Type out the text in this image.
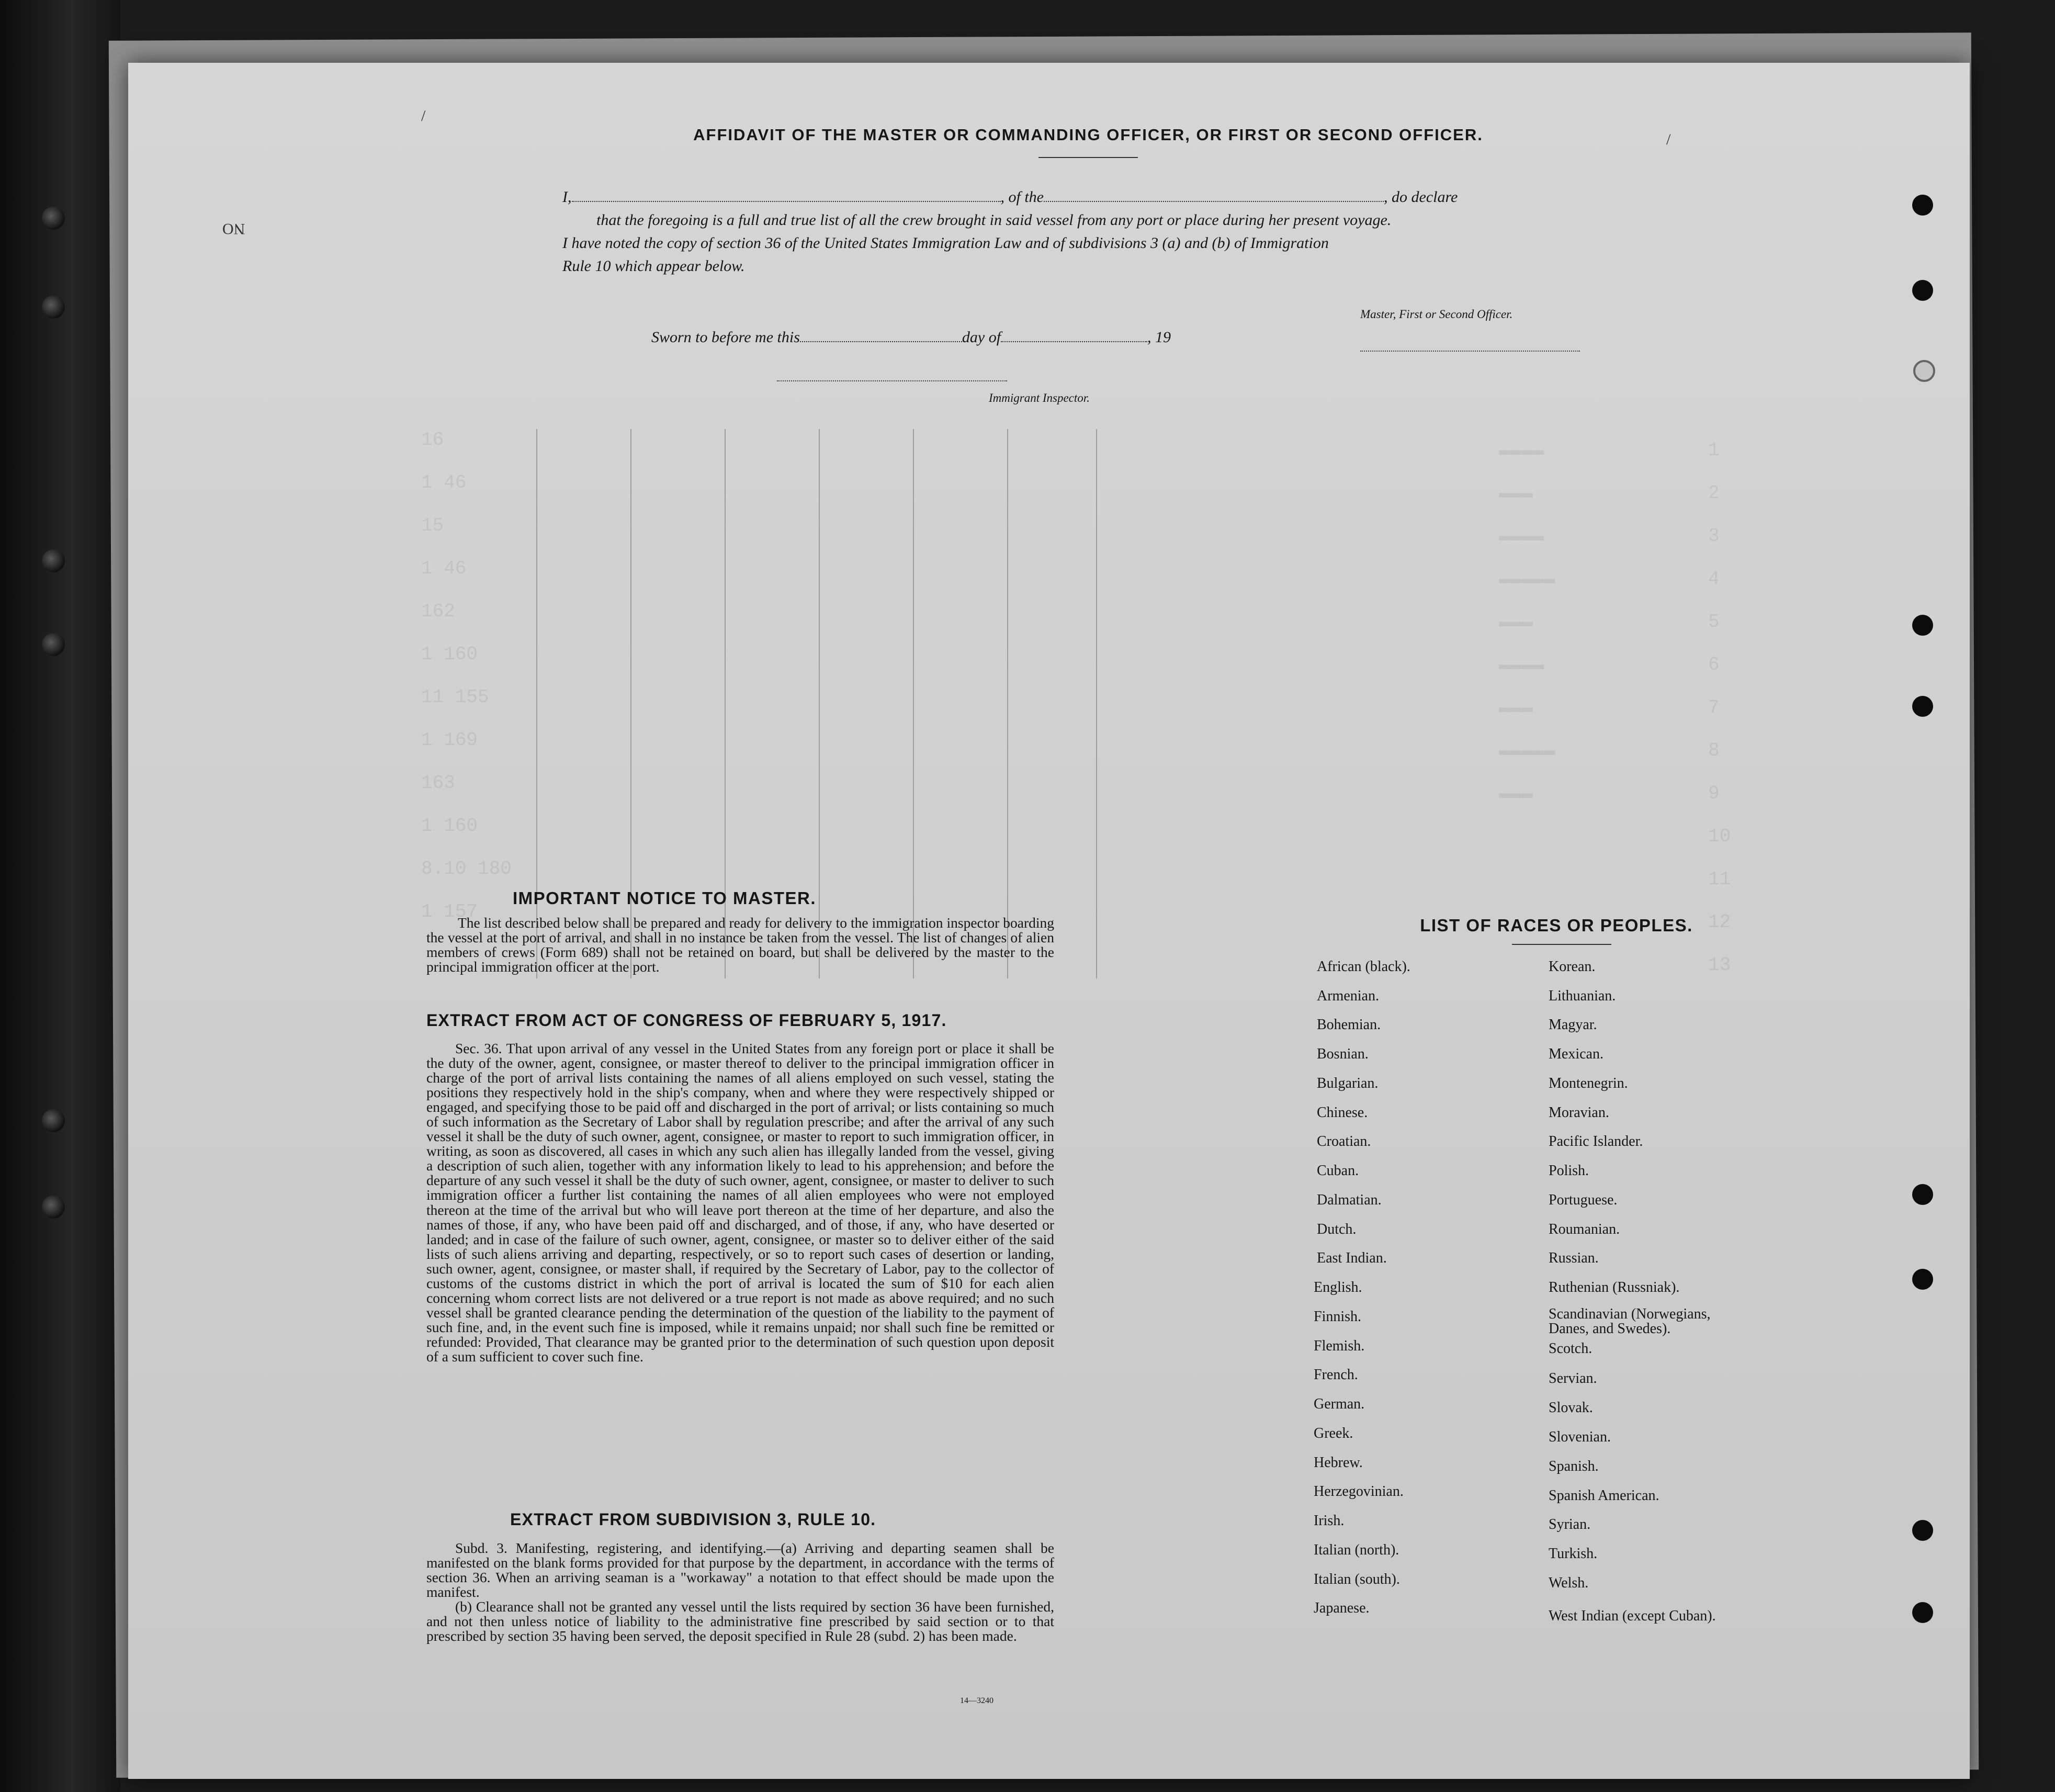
1

2

3

4

5

6

7

8

9

10

11

12

13
▬▬▬▬

▬▬▬

▬▬▬▬

▬▬▬▬▬

▬▬▬

▬▬▬▬

▬▬▬

▬▬▬▬▬

▬▬▬
16

1 46

15

1 46

162

1 160

11 155

1 169

163

1 160

8.10 180

1 157
/
/
NO
AFFIDAVIT OF THE MASTER OR COMMANDING OFFICER, OR FIRST OR SECOND OFFICER.
I,	, of the	, do declare
that the foregoing is a full and true list of all the crew brought in said vessel from any port or place during her present voyage.
I have noted the copy of section 36 of the United States Immigration Law and of subdivisions 3 (a) and (b) of Immigration
Rule 10 which appear below.
Master, First or Second Officer.
Sworn to before me this	day of	, 19
Immigrant Inspector.
IMPORTANT NOTICE TO MASTER.

The list described below shall be prepared and ready for delivery to the immigration inspector boarding the vessel at the port of arrival, and shall in no instance be taken from the vessel. The list of changes of alien members of crews (Form 689) shall not be retained on board, but shall be delivered by the master to the principal immigration officer at the port.

EXTRACT FROM ACT OF CONGRESS OF FEBRUARY 5, 1917.

Sec. 36. That upon arrival of any vessel in the United States from any foreign port or place it shall be the duty of the owner, agent, consignee, or master thereof to deliver to the principal immigration officer in charge of the port of arrival lists containing the names of all aliens employed on such vessel, stating the positions they respectively hold in the ship's company, when and where they were respectively shipped or engaged, and specifying those to be paid off and discharged in the port of arrival; or lists containing so much of such information as the Secretary of Labor shall by regulation prescribe; and after the arrival of any such vessel it shall be the duty of such owner, agent, consignee, or master to report to such immigration officer, in writing, as soon as discovered, all cases in which any such alien has illegally landed from the vessel, giving a description of such alien, together with any information likely to lead to his apprehension; and before the departure of any such vessel it shall be the duty of such owner, agent, consignee, or master to deliver to such immigration officer a further list containing the names of all alien employees who were not employed thereon at the time of the arrival but who will leave port thereon at the time of her departure, and also the names of those, if any, who have been paid off and discharged, and of those, if any, who have deserted or landed; and in case of the failure of such owner, agent, consignee, or master so to deliver either of the said lists of such aliens arriving and departing, respectively, or so to report such cases of desertion or landing, such owner, agent, consignee, or master shall, if required by the Secretary of Labor, pay to the collector of customs of the customs district in which the port of arrival is located the sum of $10 for each alien concerning whom correct lists are not delivered or a true report is not made as above required; and no such vessel shall be granted clearance pending the determination of the question of the liability to the payment of such fine, and, in the event such fine is imposed, while it remains unpaid; nor shall such fine be remitted or refunded: Provided, That clearance may be granted prior to the determination of such question upon deposit of a sum sufficient to cover such fine.

EXTRACT FROM SUBDIVISION 3, RULE 10.

Subd. 3. Manifesting, registering, and identifying.—(a) Arriving and departing seamen shall be manifested on the blank forms provided for that purpose by the department, in accordance with the terms of section 36. When an arriving seaman is a "workaway" a notation to that effect should be made upon the manifest.

(b) Clearance shall not be granted any vessel until the lists required by section 36 have been furnished, and not then unless notice of liability to the administrative fine prescribed by said section or to that prescribed by section 35 having been served, the deposit specified in Rule 28 (subd. 2) has been made.

14—3240
LIST OF RACES OR PEOPLES.
African (black).
Armenian.
Bohemian.
Bosnian.
Bulgarian.
Chinese.
Croatian.
Cuban.
Dalmatian.
Dutch.
East Indian.
English.
Finnish.
Flemish.
French.
German.
Greek.
Hebrew.
Herzegovinian.
Irish.
Italian (north).
Italian (south).
Japanese.
Korean.
Lithuanian.
Magyar.
Mexican.
Montenegrin.
Moravian.
Pacific Islander.
Polish.
Portuguese.
Roumanian.
Russian.
Ruthenian (Russniak).
Scandinavian (Norwegians, Danes, and Swedes).
Scotch.
Servian.
Slovak.
Slovenian.
Spanish.
Spanish American.
Syrian.
Turkish.
Welsh.
West Indian (except Cuban).
